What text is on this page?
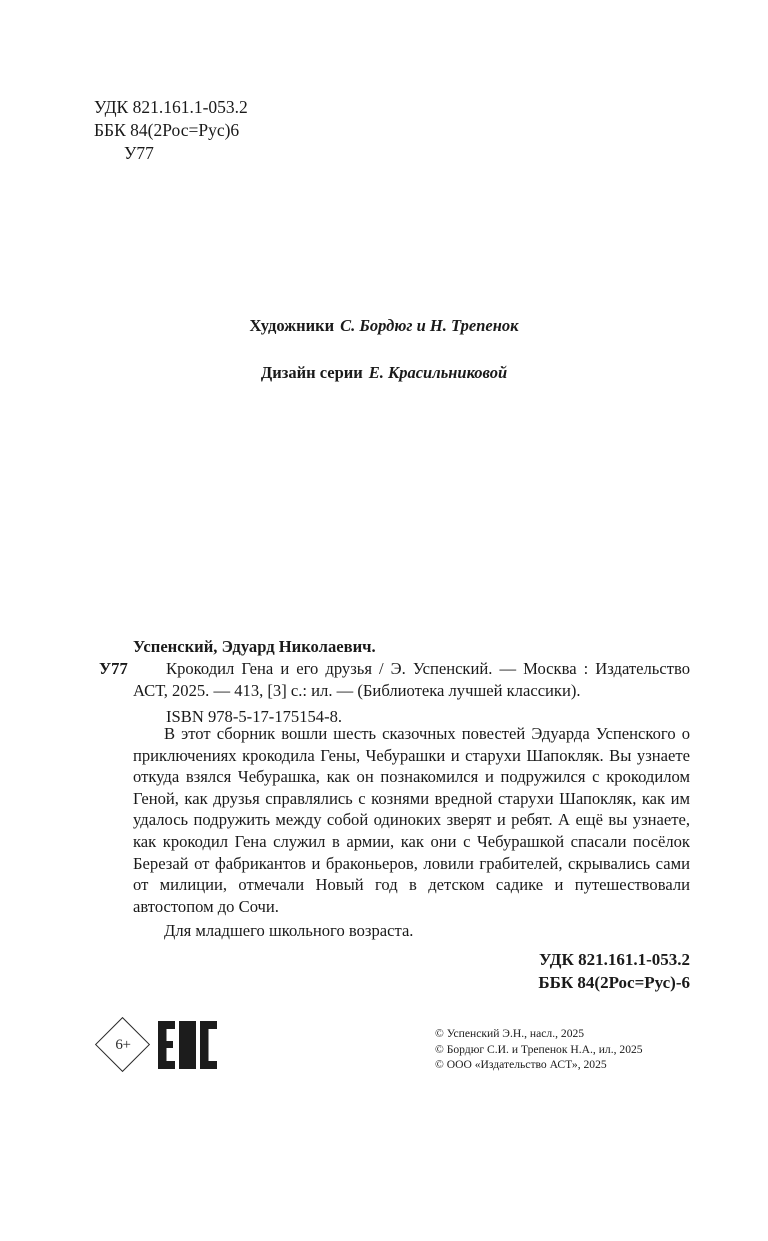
УДК 821.161.1-053.2
ББК 84(2Рос=Рус)6
У77
Художники С. Бордюг и Н. Трепенок
Дизайн серии Е. Красильниковой
Успенский, Эдуард Николаевич.
У77 Крокодил Гена и его друзья / Э. Успенский. — Москва : Издательство АСТ, 2025. — 413, [3] с.: ил. — (Библиотека лучшей классики).
ISBN 978-5-17-175154-8.

В этот сборник вошли шесть сказочных повестей Эдуарда Успенского о приключениях крокодила Гены, Чебурашки и старухи Шапокляк. Вы узнаете откуда взялся Чебурашка, как он познакомился и подружился с крокодилом Геной, как друзья справлялись с кознями вредной старухи Шапокляк, как им удалось подружить между собой одиноких зверят и ребят. А ещё вы узнаете, как крокодил Гена служил в армии, как они с Чебурашкой спасали посёлок Березай от фабрикантов и браконьеров, ловили грабителей, скрывались сами от милиции, отмечали Новый год в детском садике и путешествовали автостопом до Сочи.

Для младшего школьного возраста.

УДК 821.161.1-053.2
ББК 84(2Рос=Рус)-6
6+
© Успенский Э.Н., насл., 2025
© Бордюг С.И. и Трепенок Н.А., ил., 2025
© ООО «Издательство АСТ», 2025
